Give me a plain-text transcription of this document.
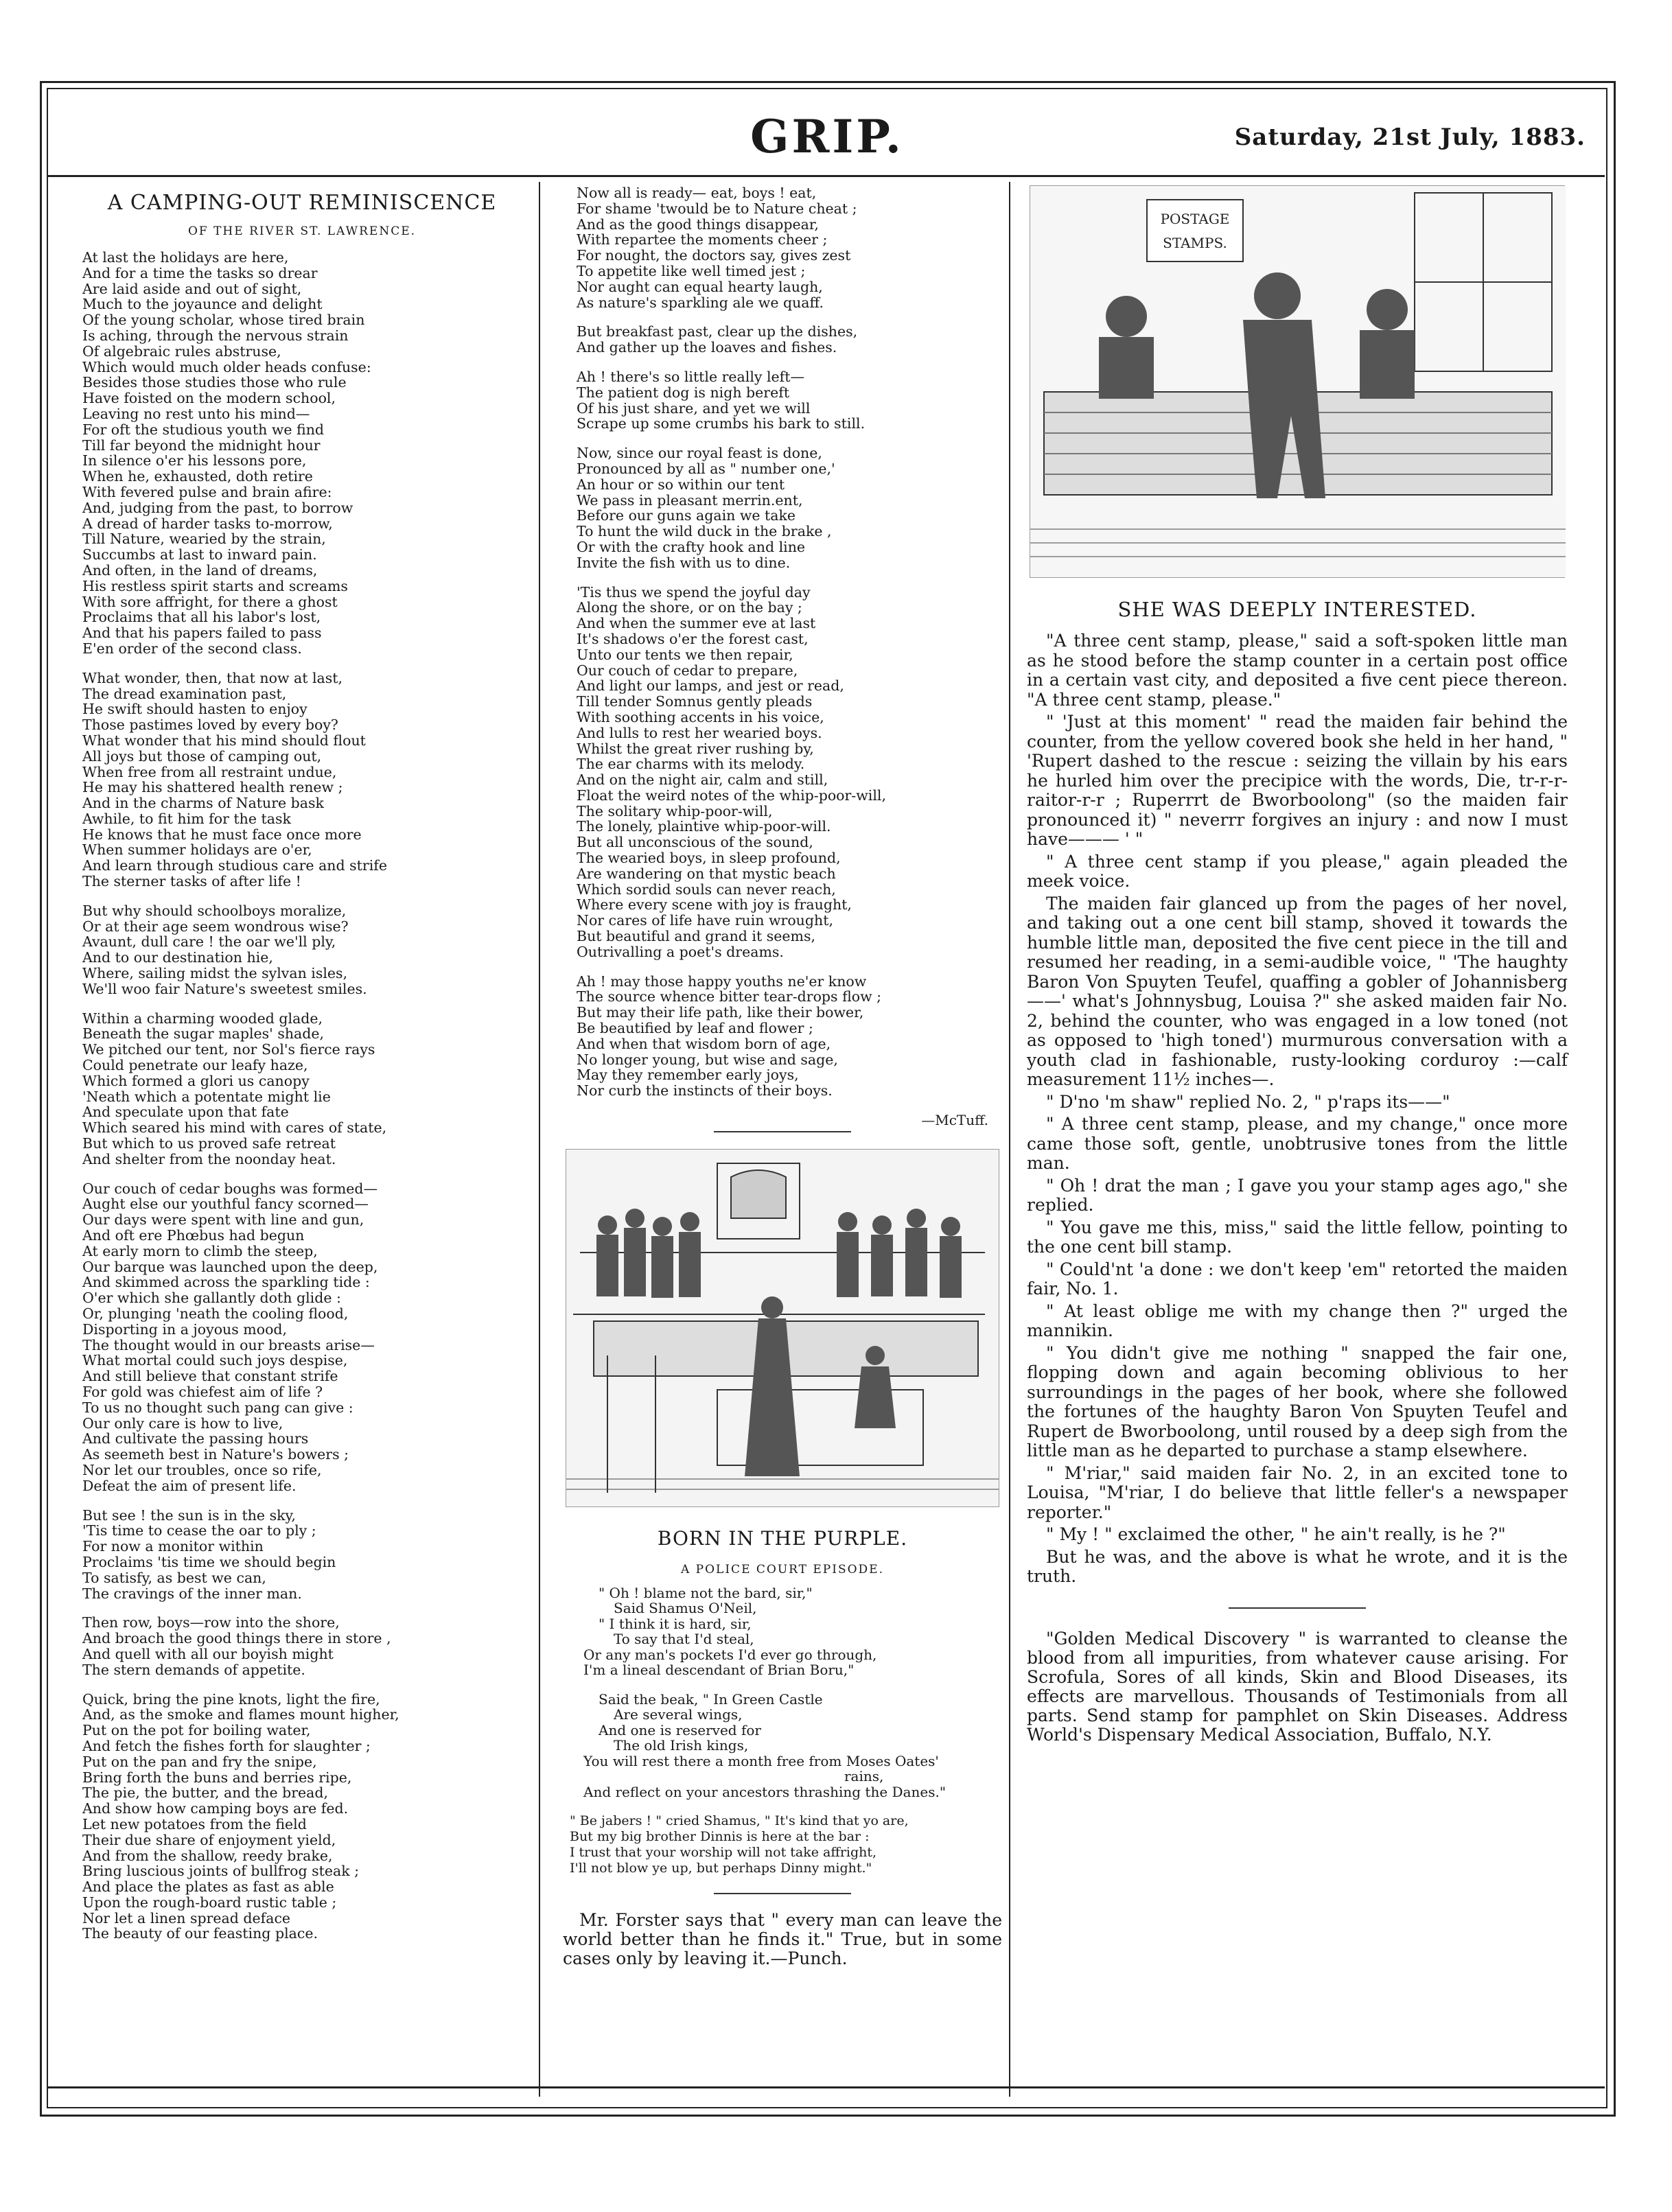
GRIP.	Saturday, 21st July, 1883.
A CAMPING-OUT REMINISCENCE
OF THE RIVER ST. LAWRENCE.
At last the holidays are here,
And for a time the tasks so drear
Are laid aside and out of sight,
Much to the joyaunce and delight
Of the young scholar, whose tired brain
Is aching, through the nervous strain
Of algebraic rules abstruse,
Which would much older heads confuse:
Besides those studies those who rule
Have foisted on the modern school,
Leaving no rest unto his mind—
For oft the studious youth we find
Till far beyond the midnight hour
In silence o'er his lessons pore,
When he, exhausted, doth retire
With fevered pulse and brain afire:
And, judging from the past, to borrow
A dread of harder tasks to-morrow,
Till Nature, wearied by the strain,
Succumbs at last to inward pain.
And often, in the land of dreams,
His restless spirit starts and screams
With sore affright, for there a ghost
Proclaims that all his labor's lost,
And that his papers failed to pass
E'en order of the second class.
What wonder, then, that now at last,
The dread examination past,
He swift should hasten to enjoy
Those pastimes loved by every boy?
What wonder that his mind should flout
All joys but those of camping out,
When free from all restraint undue,
He may his shattered health renew ;
And in the charms of Nature bask
Awhile, to fit him for the task
He knows that he must face once more
When summer holidays are o'er,
And learn through studious care and strife
The sterner tasks of after life !
But why should schoolboys moralize,
Or at their age seem wondrous wise?
Avaunt, dull care ! the oar we'll ply,
And to our destination hie,
Where, sailing midst the sylvan isles,
We'll woo fair Nature's sweetest smiles.
Within a charming wooded glade,
Beneath the sugar maples' shade,
We pitched our tent, nor Sol's fierce rays
Could penetrate our leafy haze,
Which formed a glori us canopy
'Neath which a potentate might lie
And speculate upon that fate
Which seared his mind with cares of state,
But which to us proved safe retreat
And shelter from the noonday heat.
Our couch of cedar boughs was formed—
Aught else our youthful fancy scorned—
Our days were spent with line and gun,
And oft ere Phœbus had begun
At early morn to climb the steep,
Our barque was launched upon the deep,
And skimmed across the sparkling tide :
O'er which she gallantly doth glide :
Or, plunging 'neath the cooling flood,
Disporting in a joyous mood,
The thought would in our breasts arise—
What mortal could such joys despise,
And still believe that constant strife
For gold was chiefest aim of life ?
To us no thought such pang can give :
Our only care is how to live,
And cultivate the passing hours
As seemeth best in Nature's bowers ;
Nor let our troubles, once so rife,
Defeat the aim of present life.
But see ! the sun is in the sky,
'Tis time to cease the oar to ply ;
For now a monitor within
Proclaims 'tis time we should begin
To satisfy, as best we can,
The cravings of the inner man.
Then row, boys—row into the shore,
And broach the good things there in store ,
And quell with all our boyish might
The stern demands of appetite.
Quick, bring the pine knots, light the fire,
And, as the smoke and flames mount higher,
Put on the pot for boiling water,
And fetch the fishes forth for slaughter ;
Put on the pan and fry the snipe,
Bring forth the buns and berries ripe,
The pie, the butter, and the bread,
And show how camping boys are fed.
Let new potatoes from the field
Their due share of enjoyment yield,
And from the shallow, reedy brake,
Bring luscious joints of bullfrog steak ;
And place the plates as fast as able
Upon the rough-board rustic table ;
Nor let a linen spread deface
The beauty of our feasting place.
Now all is ready— eat, boys ! eat,
For shame 'twould be to Nature cheat ;
And as the good things disappear,
With repartee the moments cheer ;
For nought, the doctors say, gives zest
To appetite like well timed jest ;
Nor aught can equal hearty laugh,
As nature's sparkling ale we quaff.
But breakfast past, clear up the dishes,
And gather up the loaves and fishes.
Ah ! there's so little really left—
The patient dog is nigh bereft
Of his just share, and yet we will
Scrape up some crumbs his bark to still.
Now, since our royal feast is done,
Pronounced by all as " number one,'
An hour or so within our tent
We pass in pleasant merrin.ent,
Before our guns again we take
To hunt the wild duck in the brake ,
Or with the crafty hook and line
Invite the fish with us to dine.
'Tis thus we spend the joyful day
Along the shore, or on the bay ;
And when the summer eve at last
It's shadows o'er the forest cast,
Unto our tents we then repair,
Our couch of cedar to prepare,
And light our lamps, and jest or read,
Till tender Somnus gently pleads
With soothing accents in his voice,
And lulls to rest her wearied boys.
Whilst the great river rushing by,
The ear charms with its melody.
And on the night air, calm and still,
Float the weird notes of the whip-poor-will,
The solitary whip-poor-will,
The lonely, plaintive whip-poor-will.
But all unconscious of the sound,
The wearied boys, in sleep profound,
Are wandering on that mystic beach
Which sordid souls can never reach,
Where every scene with joy is fraught,
Nor cares of life have ruin wrought,
But beautiful and grand it seems,
Outrivalling a poet's dreams.
Ah ! may those happy youths ne'er know
The source whence bitter tear-drops flow ;
But may their life path, like their bower,
Be beautified by leaf and flower ;
And when that wisdom born of age,
No longer young, but wise and sage,
May they remember early joys,
Nor curb the instincts of their boys.
—McTuff.
BORN IN THE PURPLE.
A POLICE COURT EPISODE.
" Oh ! blame not the bard, sir,"
Said Shamus O'Neil,
" I think it is hard, sir,
To say that I'd steal,
Or any man's pockets I'd ever go through,
I'm a lineal descendant of Brian Boru,"
Said the beak, " In Green Castle
Are several wings,
And one is reserved for
The old Irish kings,
You will rest there a month free from Moses Oates'
rains,
And reflect on your ancestors thrashing the Danes."
" Be jabers ! " cried Shamus, " It's kind that yo are,
But my big brother Dinnis is here at the bar :
I trust that your worship will not take affright,
I'll not blow ye up, but perhaps Dinny might."

Mr. Forster says that " every man can leave the world better than he finds it." True, but in some cases only by leaving it.—Punch.

POSTAGE
STAMPS.
SHE WAS DEEPLY INTERESTED.

"A three cent stamp, please," said a soft-spoken little man as he stood before the stamp counter in a certain post office in a certain vast city, and deposited a five cent piece thereon. "A three cent stamp, please."

" 'Just at this moment' " read the maiden fair behind the counter, from the yellow covered book she held in her hand, " 'Rupert dashed to the rescue : seizing the villain by his ears he hurled him over the precipice with the words, Die, tr-r-r-raitor-r-r ; Ruperrrt de Bworboolong" (so the maiden fair pronounced it) " neverrr forgives an injury : and now I must have——— ' "

" A three cent stamp if you please," again pleaded the meek voice.

The maiden fair glanced up from the pages of her novel, and taking out a one cent bill stamp, shoved it towards the humble little man, deposited the five cent piece in the till and resumed her reading, in a semi-audible voice, " 'The haughty Baron Von Spuyten Teufel, quaffing a gobler of Johannisberg——' what's Johnnysbug, Louisa ?" she asked maiden fair No. 2, behind the counter, who was engaged in a low toned (not as opposed to 'high toned') murmurous conversation with a youth clad in fashionable, rusty-looking corduroy :—calf measurement 11½ inches—.

" D'no 'm shaw" replied No. 2, " p'raps its——"

" A three cent stamp, please, and my change," once more came those soft, gentle, unobtrusive tones from the little man.

" Oh ! drat the man ; I gave you your stamp ages ago," she replied.

" You gave me this, miss," said the little fellow, pointing to the one cent bill stamp.

" Could'nt 'a done : we don't keep 'em" retorted the maiden fair, No. 1.

" At least oblige me with my change then ?" urged the mannikin.

" You didn't give me nothing " snapped the fair one, flopping down and again becoming oblivious to her surroundings in the pages of her book, where she followed the fortunes of the haughty Baron Von Spuyten Teufel and Rupert de Bworboolong, until roused by a deep sigh from the little man as he departed to purchase a stamp elsewhere.

" M'riar," said maiden fair No. 2, in an excited tone to Louisa, "M'riar, I do believe that little feller's a newspaper reporter."

" My ! " exclaimed the other, " he ain't really, is he ?"

But he was, and the above is what he wrote, and it is the truth.

"Golden Medical Discovery " is warranted to cleanse the blood from all impurities, from whatever cause arising. For Scrofula, Sores of all kinds, Skin and Blood Diseases, its effects are marvellous. Thousands of Testimonials from all parts. Send stamp for pamphlet on Skin Diseases. Address World's Dispensary Medical Association, Buffalo, N.Y.
